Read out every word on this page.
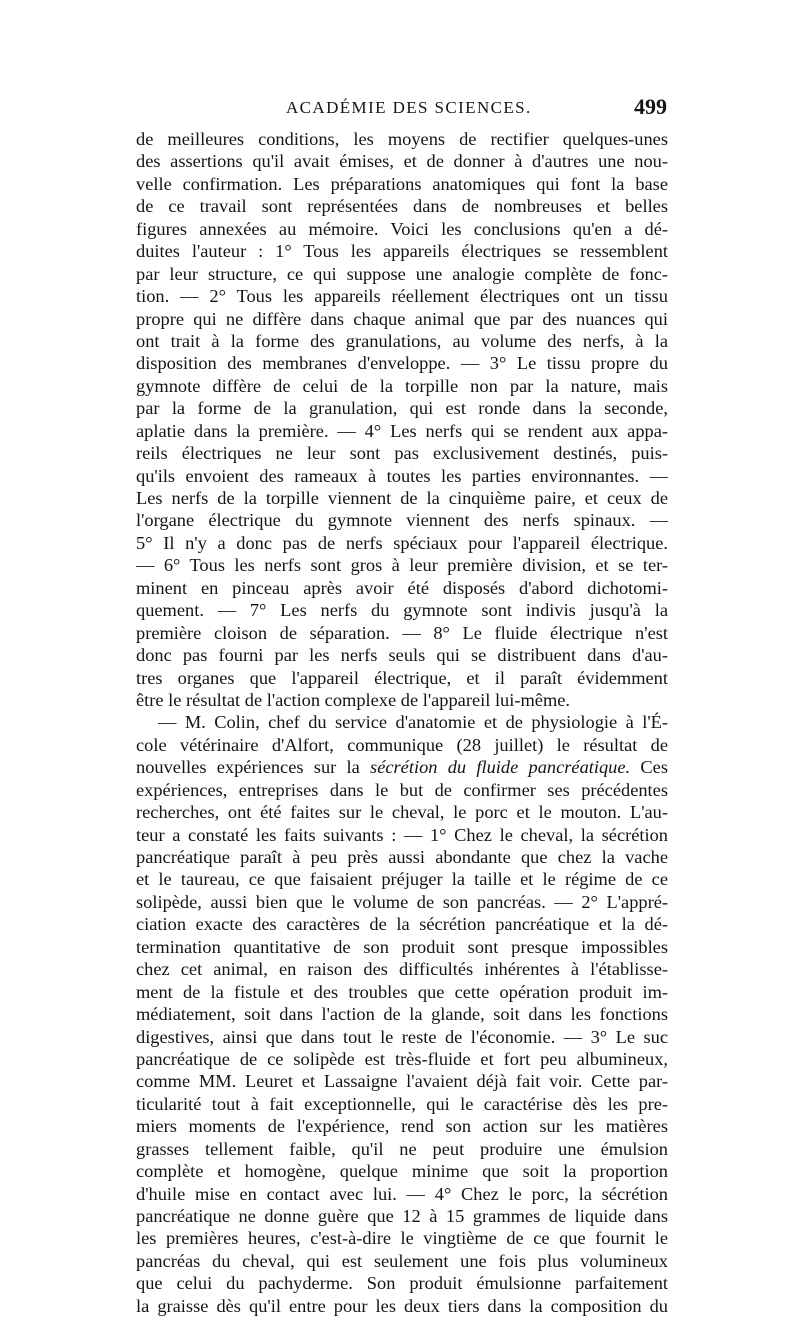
ACADÉMIE DES SCIENCES.	499
de meilleures conditions, les moyens de rectifier quelques-unes
des assertions qu'il avait émises, et de donner à d'autres une nou-
velle confirmation. Les préparations anatomiques qui font la base
de ce travail sont représentées dans de nombreuses et belles
figures annexées au mémoire. Voici les conclusions qu'en a dé-
duites l'auteur : 1° Tous les appareils électriques se ressemblent
par leur structure, ce qui suppose une analogie complète de fonc-
tion. — 2° Tous les appareils réellement électriques ont un tissu
propre qui ne diffère dans chaque animal que par des nuances qui
ont trait à la forme des granulations, au volume des nerfs, à la
disposition des membranes d'enveloppe. — 3° Le tissu propre du
gymnote diffère de celui de la torpille non par la nature, mais
par la forme de la granulation, qui est ronde dans la seconde,
aplatie dans la première. — 4° Les nerfs qui se rendent aux appa-
reils électriques ne leur sont pas exclusivement destinés, puis-
qu'ils envoient des rameaux à toutes les parties environnantes. —
Les nerfs de la torpille viennent de la cinquième paire, et ceux de
l'organe électrique du gymnote viennent des nerfs spinaux. —
5° Il n'y a donc pas de nerfs spéciaux pour l'appareil électrique.
— 6° Tous les nerfs sont gros à leur première division, et se ter-
minent en pinceau après avoir été disposés d'abord dichotomi-
quement. — 7° Les nerfs du gymnote sont indivis jusqu'à la
première cloison de séparation. — 8° Le fluide électrique n'est
donc pas fourni par les nerfs seuls qui se distribuent dans d'au-
tres organes que l'appareil électrique, et il paraît évidemment
être le résultat de l'action complexe de l'appareil lui-même.
— M. Colin, chef du service d'anatomie et de physiologie à l'É-
cole vétérinaire d'Alfort, communique (28 juillet) le résultat de
nouvelles expériences sur la sécrétion du fluide pancréatique. Ces
expériences, entreprises dans le but de confirmer ses précédentes
recherches, ont été faites sur le cheval, le porc et le mouton. L'au-
teur a constaté les faits suivants : — 1° Chez le cheval, la sécrétion
pancréatique paraît à peu près aussi abondante que chez la vache
et le taureau, ce que faisaient préjuger la taille et le régime de ce
solipède, aussi bien que le volume de son pancréas. — 2° L'appré-
ciation exacte des caractères de la sécrétion pancréatique et la dé-
termination quantitative de son produit sont presque impossibles
chez cet animal, en raison des difficultés inhérentes à l'établisse-
ment de la fistule et des troubles que cette opération produit im-
médiatement, soit dans l'action de la glande, soit dans les fonctions
digestives, ainsi que dans tout le reste de l'économie. — 3° Le suc
pancréatique de ce solipède est très-fluide et fort peu albumineux,
comme MM. Leuret et Lassaigne l'avaient déjà fait voir. Cette par-
ticularité tout à fait exceptionnelle, qui le caractérise dès les pre-
miers moments de l'expérience, rend son action sur les matières
grasses tellement faible, qu'il ne peut produire une émulsion
complète et homogène, quelque minime que soit la proportion
d'huile mise en contact avec lui. — 4° Chez le porc, la sécrétion
pancréatique ne donne guère que 12 à 15 grammes de liquide dans
les premières heures, c'est-à-dire le vingtième de ce que fournit le
pancréas du cheval, qui est seulement une fois plus volumineux
que celui du pachyderme. Son produit émulsionne parfaitement
la graisse dès qu'il entre pour les deux tiers dans la composition du
